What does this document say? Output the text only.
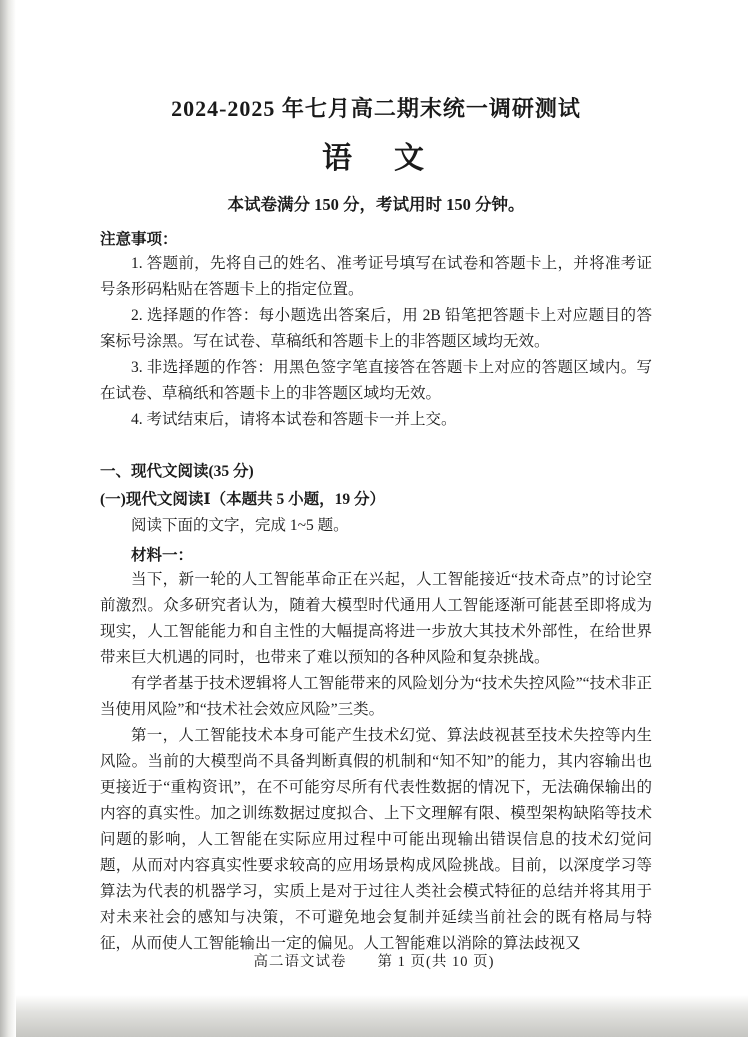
2024-2025 年七月高二期末统一调研测试
语　文
本试卷满分 150 分，考试用时 150 分钟。
注意事项：

1. 答题前，先将自己的姓名、准考证号填写在试卷和答题卡上，并将准考证号条形码粘贴在答题卡上的指定位置。

2. 选择题的作答：每小题选出答案后，用 2B 铅笔把答题卡上对应题目的答案标号涂黑。写在试卷、草稿纸和答题卡上的非答题区域均无效。

3. 非选择题的作答：用黑色签字笔直接答在答题卡上对应的答题区域内。写在试卷、草稿纸和答题卡上的非答题区域均无效。

4. 考试结束后，请将本试卷和答题卡一并上交。

一、现代文阅读(35 分)
(一)现代文阅读Ⅰ（本题共 5 小题，19 分）

阅读下面的文字，完成 1~5 题。

材料一：

当下，新一轮的人工智能革命正在兴起，人工智能接近“技术奇点”的讨论空前激烈。众多研究者认为，随着大模型时代通用人工智能逐渐可能甚至即将成为现实，人工智能能力和自主性的大幅提高将进一步放大其技术外部性，在给世界带来巨大机遇的同时，也带来了难以预知的各种风险和复杂挑战。

有学者基于技术逻辑将人工智能带来的风险划分为“技术失控风险”“技术非正当使用风险”和“技术社会效应风险”三类。

第一，人工智能技术本身可能产生技术幻觉、算法歧视甚至技术失控等内生风险。当前的大模型尚不具备判断真假的机制和“知不知”的能力，其内容输出也更接近于“重构资讯”，在不可能穷尽所有代表性数据的情况下，无法确保输出的内容的真实性。加之训练数据过度拟合、上下文理解有限、模型架构缺陷等技术问题的影响，人工智能在实际应用过程中可能出现输出错误信息的技术幻觉问题，从而对内容真实性要求较高的应用场景构成风险挑战。目前，以深度学习等算法为代表的机器学习，实质上是对于过往人类社会模式特征的总结并将其用于对未来社会的感知与决策，不可避免地会复制并延续当前社会的既有格局与特征，从而使人工智能输出一定的偏见。人工智能难以消除的算法歧视又

高二语文试卷　　第 1 页(共 10 页)
